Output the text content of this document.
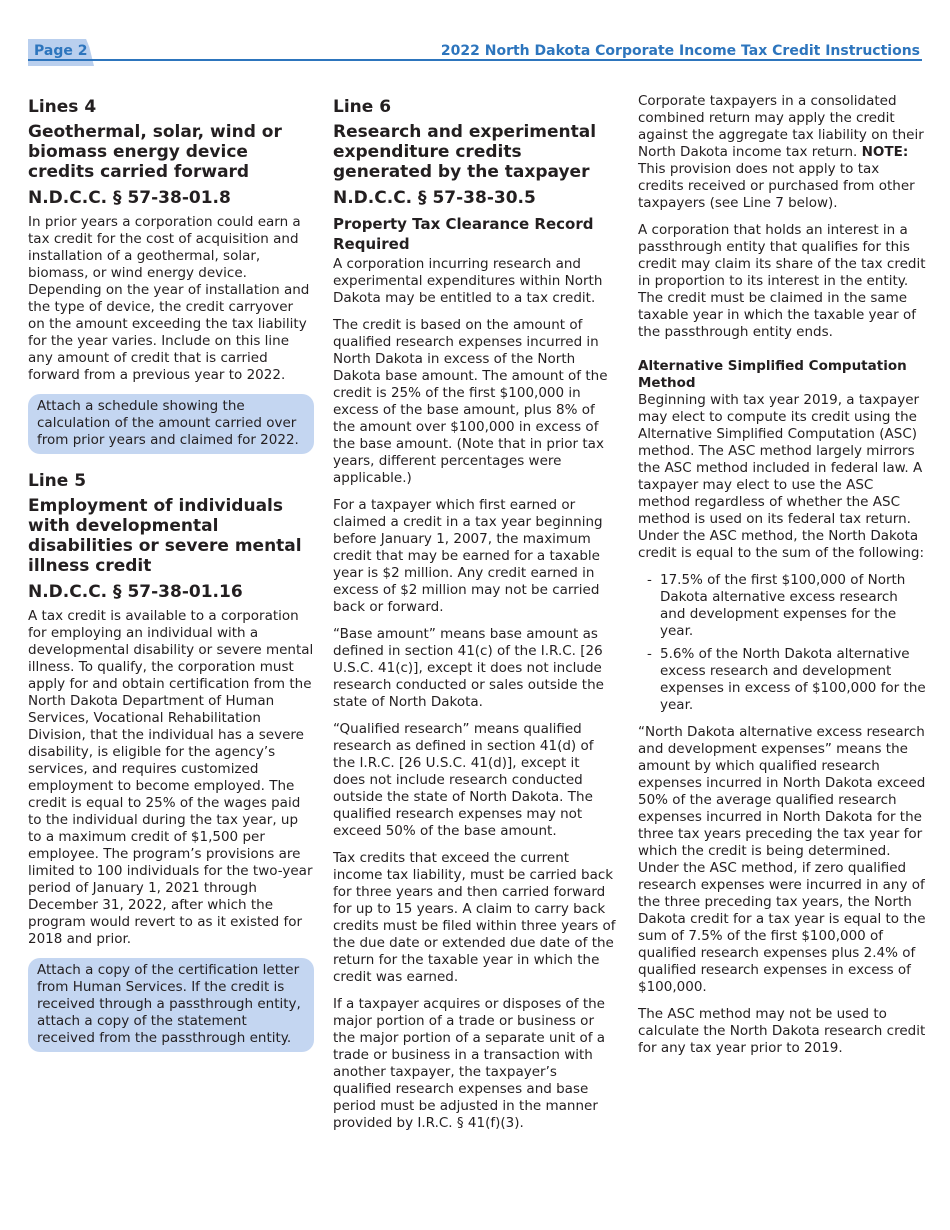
Page 2	2022 North Dakota Corporate Income Tax Credit Instructions
Lines 4
Geothermal, solar, wind or biomass energy device credits carried forward
N.D.C.C. § 57-38-01.8

In prior years a corporation could earn a tax credit for the cost of acquisition and installation of a geothermal, solar, biomass, or wind energy device. Depending on the year of installation and the type of device, the credit carryover on the amount exceeding the tax liability for the year varies. Include on this line any amount of credit that is carried forward from a previous year to 2022.

Attach a schedule showing the calculation of the amount carried over from prior years and claimed for 2022.

Line 5
Employment of individuals with developmental disabilities or severe mental illness credit
N.D.C.C. § 57-38-01.16

A tax credit is available to a corporation for employing an individual with a developmental disability or severe mental illness. To qualify, the corporation must apply for and obtain certification from the North Dakota Department of Human Services, Vocational Rehabilitation Division, that the individual has a severe disability, is eligible for the agency’s services, and requires customized employment to become employed. The credit is equal to 25% of the wages paid to the individual during the tax year, up to a maximum credit of $1,500 per employee. The program’s provisions are limited to 100 individuals for the two-year period of January 1, 2021 through December 31, 2022, after which the program would revert to as it existed for 2018 and prior.

Attach a copy of the certification letter from Human Services. If the credit is received through a passthrough entity, attach a copy of the statement received from the passthrough entity.

Line 6
Research and experimental expenditure credits generated by the taxpayer
N.D.C.C. § 57-38-30.5
Property Tax Clearance Record Required

A corporation incurring research and experimental expenditures within North Dakota may be entitled to a tax credit.

The credit is based on the amount of qualified research expenses incurred in North Dakota in excess of the North Dakota base amount. The amount of the credit is 25% of the first $100,000 in excess of the base amount, plus 8% of the amount over $100,000 in excess of the base amount. (Note that in prior tax years, different percentages were applicable.)

For a taxpayer which first earned or claimed a credit in a tax year beginning before January 1, 2007, the maximum credit that may be earned for a taxable year is $2 million. Any credit earned in excess of $2 million may not be carried back or forward.

“Base amount” means base amount as defined in section 41(c) of the I.R.C. [26 U.S.C. 41(c)], except it does not include research conducted or sales outside the state of North Dakota.

“Qualified research” means qualified research as defined in section 41(d) of the I.R.C. [26 U.S.C. 41(d)], except it does not include research conducted outside the state of North Dakota. The qualified research expenses may not exceed 50% of the base amount.

Tax credits that exceed the current income tax liability, must be carried back for three years and then carried forward for up to 15 years. A claim to carry back credits must be filed within three years of the due date or extended due date of the return for the taxable year in which the credit was earned.

If a taxpayer acquires or disposes of the major portion of a trade or business or the major portion of a separate unit of a trade or business in a transaction with another taxpayer, the taxpayer’s qualified research expenses and base period must be adjusted in the manner provided by I.R.C. § 41(f)(3).

Corporate taxpayers in a consolidated combined return may apply the credit against the aggregate tax liability on their North Dakota income tax return. NOTE: This provision does not apply to tax credits received or purchased from other taxpayers (see Line 7 below).

A corporation that holds an interest in a passthrough entity that qualifies for this credit may claim its share of the tax credit in proportion to its interest in the entity. The credit must be claimed in the same taxable year in which the taxable year of the passthrough entity ends.

Alternative Simplified Computation Method

Beginning with tax year 2019, a taxpayer may elect to compute its credit using the Alternative Simplified Computation (ASC) method. The ASC method largely mirrors the ASC method included in federal law. A taxpayer may elect to use the ASC method regardless of whether the ASC method is used on its federal tax return. Under the ASC method, the North Dakota credit is equal to the sum of the following:

- 17.5% of the first $100,000 of North Dakota alternative excess research and development expenses for the year.
- 5.6% of the North Dakota alternative excess research and development expenses in excess of $100,000 for the year.

“North Dakota alternative excess research and development expenses” means the amount by which qualified research expenses incurred in North Dakota exceed 50% of the average qualified research expenses incurred in North Dakota for the three tax years preceding the tax year for which the credit is being determined. Under the ASC method, if zero qualified research expenses were incurred in any of the three preceding tax years, the North Dakota credit for a tax year is equal to the sum of 7.5% of the first $100,000 of qualified research expenses plus 2.4% of qualified research expenses in excess of $100,000.

The ASC method may not be used to calculate the North Dakota research credit for any tax year prior to 2019.
